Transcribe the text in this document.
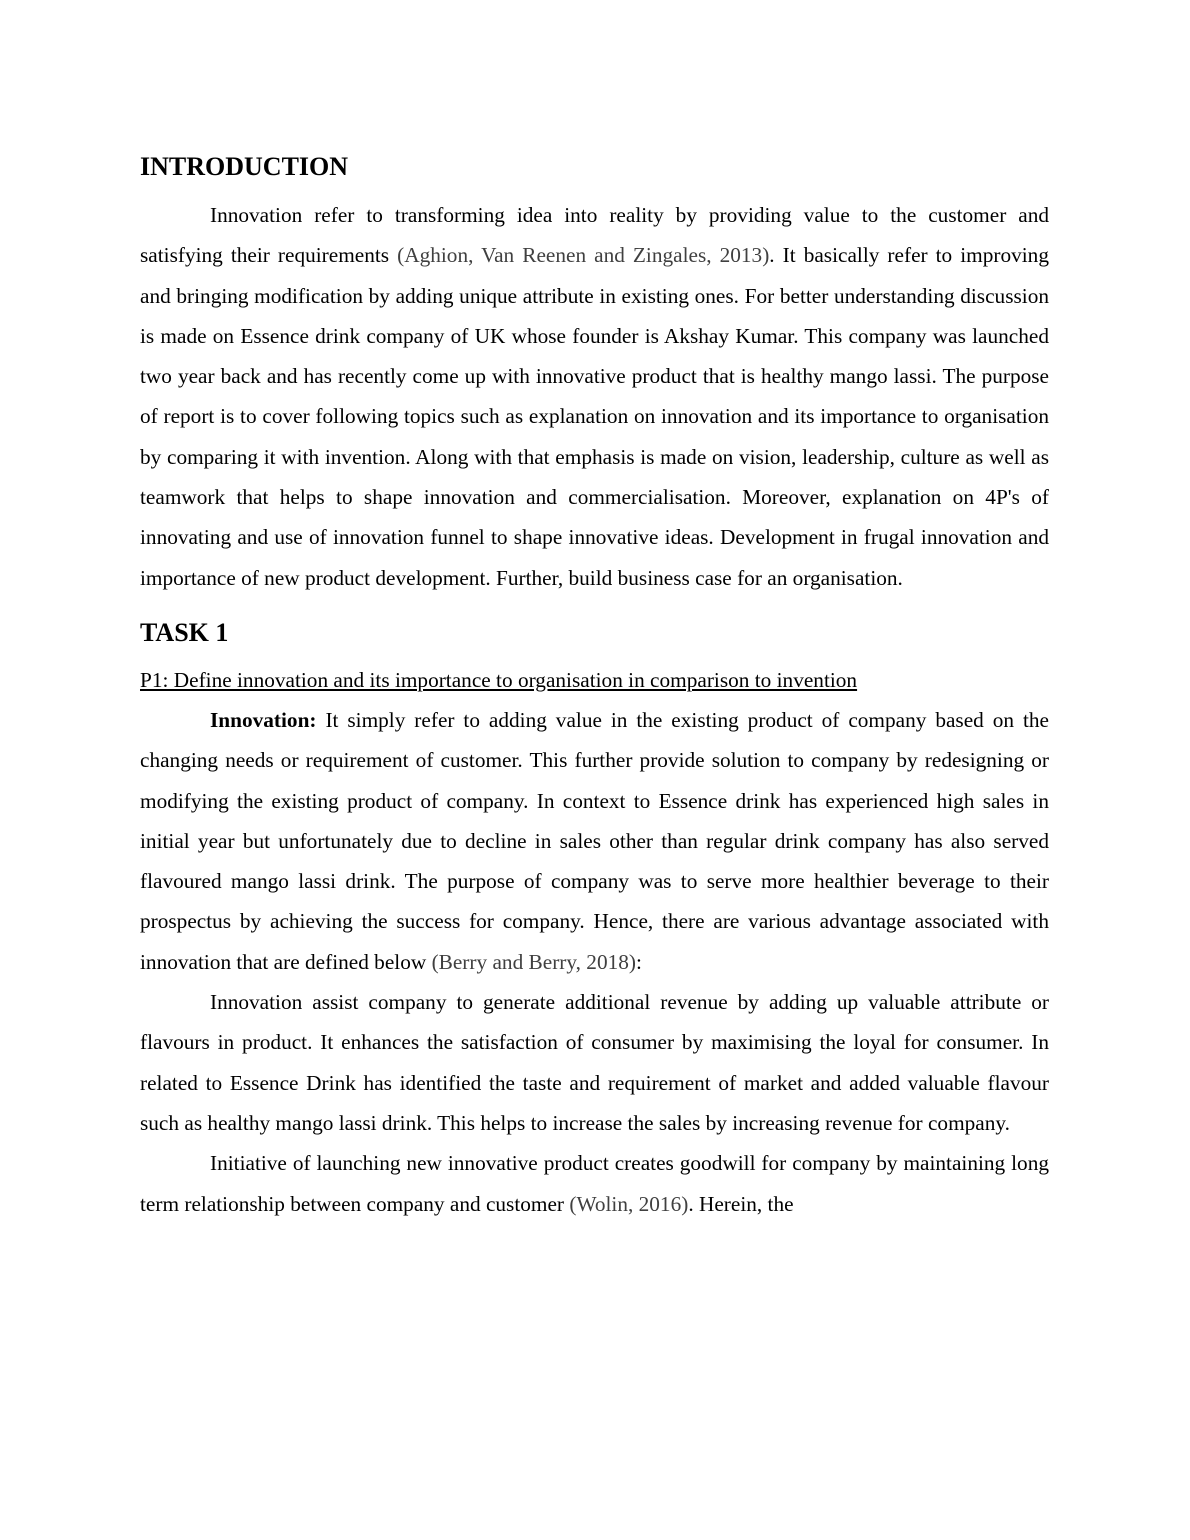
INTRODUCTION

Innovation refer to transforming idea into reality by providing value to the customer and satisfying their requirements (Aghion, Van Reenen and Zingales, 2013). It basically refer to improving and bringing modification by adding unique attribute in existing ones. For better understanding discussion is made on Essence drink company of UK whose founder is Akshay Kumar. This company was launched two year back and has recently come up with innovative product that is healthy mango lassi. The purpose of report is to cover following topics such as explanation on innovation and its importance to organisation by comparing it with invention. Along with that emphasis is made on vision, leadership, culture as well as teamwork that helps to shape innovation and commercialisation. Moreover, explanation on 4P's of innovating and use of innovation funnel to shape innovative ideas. Development in frugal innovation and importance of new product development. Further, build business case for an organisation.

TASK 1
P1: Define innovation and its importance to organisation in comparison to invention

Innovation: It simply refer to adding value in the existing product of company based on the changing needs or requirement of customer. This further provide solution to company by redesigning or modifying the existing product of company. In context to Essence drink has experienced high sales in initial year but unfortunately due to decline in sales other than regular drink company has also served flavoured mango lassi drink. The purpose of company was to serve more healthier beverage to their prospectus by achieving the success for company. Hence, there are various advantage associated with innovation that are defined below (Berry and Berry, 2018):

Innovation assist company to generate additional revenue by adding up valuable attribute or flavours in product. It enhances the satisfaction of consumer by maximising the loyal for consumer. In related to Essence Drink has identified the taste and requirement of market and added valuable flavour such as healthy mango lassi drink. This helps to increase the sales by increasing revenue for company.

Initiative of launching new innovative product creates goodwill for company by maintaining long term relationship between company and customer (Wolin, 2016). Herein, the
